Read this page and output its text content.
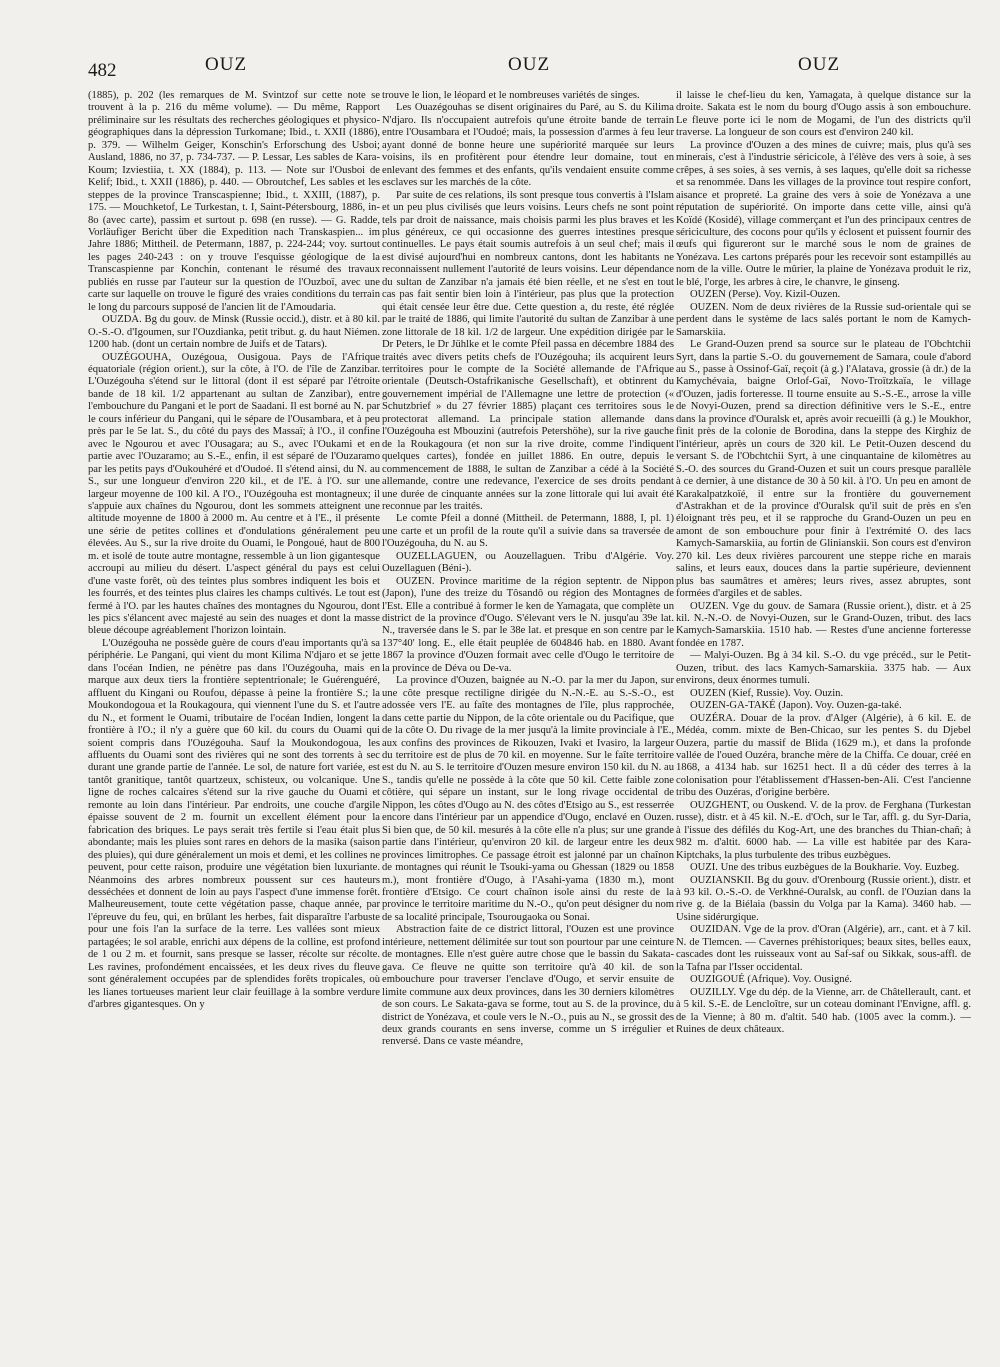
482	OUZ	OUZ	OUZ

(1885), p. 202 (les remarques de M. Svintzof sur cette note se trouvent à la p. 216 du même volume). — Du même, Rapport préliminaire sur les résultats des recherches géologiques et physico-géographiques dans la dépression Turkomane; Ibid., t. XXII (1886), p. 379. — Wilhelm Geiger, Konschin's Erforschung des Usboi; Ausland, 1886, no 37, p. 734-737. — P. Lessar, Les sables de Kara-Koum; Izviestiia, t. XX (1884), p. 113. — Note sur l'Ousboi de Kelif; Ibid., t. XXII (1886), p. 440. — Obroutchef, Les sables et les steppes de la province Transcaspienne; Ibid., t. XXIII, (1887), p. 175. — Mouchketof, Le Turkestan, t. I, Saint-Pétersbourg, 1886, in-8o (avec carte), passim et surtout p. 698 (en russe). — G. Radde, Vorläufiger Bericht über die Expedition nach Transkaspien... im Jahre 1886; Mittheil. de Petermann, 1887, p. 224-244; voy. surtout les pages 240-243 : on y trouve l'esquisse géologique de la Transcaspienne par Konchin, contenant le résumé des travaux publiés en russe par l'auteur sur la question de l'Ouzboï, avec une carte sur laquelle on trouve le figuré des vraies conditions du terrain le long du parcours supposé de l'ancien lit de l'Amoudaria.

OUZDA. Bg du gouv. de Minsk (Russie occid.), distr. et à 80 kil. O.-S.-O. d'Igoumen, sur l'Ouzdianka, petit tribut. g. du haut Niémen. 1200 hab. (dont un certain nombre de Juifs et de Tatars).

OUZÉGOUHA, Ouzégoua, Ousigoua. Pays de l'Afrique équatoriale (région orient.), sur la côte, à l'O. de l'île de Zanzibar. L'Ouzégouha s'étend sur le littoral (dont il est séparé par l'étroite bande de 18 kil. 1/2 appartenant au sultan de Zanzibar), entre l'embouchure du Pangani et le port de Saadani. Il est borné au N. par le cours inférieur du Pangani, qui le sépare de l'Ousambara, et à peu près par le 5e lat. S., du côté du pays des Massaï; à l'O., il confine avec le Ngourou et avec l'Ousagara; au S., avec l'Oukami et en partie avec l'Ouzaramo; au S.-E., enfin, il est séparé de l'Ouzaramo par les petits pays d'Oukouhéré et d'Oudoé. Il s'étend ainsi, du N. au S., sur une longueur d'environ 220 kil., et de l'E. à l'O. sur une largeur moyenne de 100 kil. A l'O., l'Ouzégouha est montagneux; il s'appuie aux chaînes du Ngourou, dont les sommets atteignent une altitude moyenne de 1800 à 2000 m. Au centre et à l'E., il présente une série de petites collines et d'ondulations généralement peu élevées. Au S., sur la rive droite du Ouami, le Pongoué, haut de 800 m. et isolé de toute autre montagne, ressemble à un lion gigantesque accroupi au milieu du désert. L'aspect général du pays est celui d'une vaste forêt, où des teintes plus sombres indiquent les bois et les fourrés, et des teintes plus claires les champs cultivés. Le tout est fermé à l'O. par les hautes chaînes des montagnes du Ngourou, dont les pics s'élancent avec majesté au sein des nuages et dont la masse bleue découpe agréablement l'horizon lointain.

L'Ouzégouha ne possède guère de cours d'eau importants qu'à sa périphérie. Le Pangani, qui vient du mont Kilima N'djaro et se jette dans l'océan Indien, ne pénètre pas dans l'Ouzégouha, mais en marque aux deux tiers la frontière septentrionale; le Guérenguéré, affluent du Kingani ou Roufou, dépasse à peine la frontière S.; la Moukondogoua et la Roukagoura, qui viennent l'une du S. et l'autre du N., et forment le Ouami, tributaire de l'océan Indien, longent la frontière à l'O.; il n'y a guère que 60 kil. du cours du Ouami qui soient compris dans l'Ouzégouha. Sauf la Moukondogoua, les affluents du Ouami sont des rivières qui ne sont des torrents à sec durant une grande partie de l'année. Le sol, de nature fort variée, est tantôt granitique, tantôt quartzeux, schisteux, ou volcanique. Une ligne de roches calcaires s'étend sur la rive gauche du Ouami et remonte au loin dans l'intérieur. Par endroits, une couche d'argile épaisse souvent de 2 m. fournit un excellent élément pour la fabrication des briques. Le pays serait très fertile si l'eau était plus abondante; mais les pluies sont rares en dehors de la masika (saison des pluies), qui dure généralement un mois et demi, et les collines ne peuvent, pour cette raison, produire une végétation bien luxuriante. Néanmoins des arbres nombreux poussent sur ces hauteurs desséchées et donnent de loin au pays l'aspect d'une immense forêt. Malheureusement, toute cette végétation passe, chaque année, par l'épreuve du feu, qui, en brûlant les herbes, fait disparaître l'arbuste pour une fois l'an la surface de la terre. Les vallées sont mieux partagées; le sol arable, enrichi aux dépens de la colline, est profond de 1 ou 2 m. et fournit, sans presque se lasser, récolte sur récolte. Les ravines, profondément encaissées, et les deux rives du fleuve sont généralement occupées par de splendides forêts tropicales, où les lianes tortueuses marient leur clair feuillage à la sombre verdure d'arbres gigantesques. On y

trouve le lion, le léopard et le nombreuses variétés de singes.

Les Ouazégouhas se disent originaires du Paré, au S. du Kilima N'djaro. Ils n'occupaient autrefois qu'une étroite bande de terrain entre l'Ousambara et l'Oudoé; mais, la possession d'armes à feu leur ayant donné de bonne heure une supériorité marquée sur leurs voisins, ils en profitèrent pour étendre leur domaine, tout en enlevant des femmes et des enfants, qu'ils vendaient ensuite comme esclaves sur les marchés de la côte.

Par suite de ces relations, ils sont presque tous convertis à l'Islam et un peu plus civilisés que leurs voisins. Leurs chefs ne sont point tels par droit de naissance, mais choisis parmi les plus braves et les plus généreux, ce qui occasionne des guerres intestines presque continuelles. Le pays était soumis autrefois à un seul chef; mais il est divisé aujourd'hui en nombreux cantons, dont les habitants ne reconnaissent nullement l'autorité de leurs voisins. Leur dépendance du sultan de Zanzibar n'a jamais été bien réelle, et ne s'est en tout cas pas fait sentir bien loin à l'intérieur, pas plus que la protection qui était censée leur être due. Cette question a, du reste, été réglée par le traité de 1886, qui limite l'autorité du sultan de Zanzibar à une zone littorale de 18 kil. 1/2 de largeur. Une expédition dirigée par le Dr Peters, le Dr Jühlke et le comte Pfeil passa en décembre 1884 des traités avec divers petits chefs de l'Ouzégouha; ils acquirent leurs territoires pour le compte de la Société allemande de l'Afrique orientale (Deutsch-Ostafrikanische Gesellschaft), et obtinrent du gouvernement impérial de l'Allemagne une lettre de protection (« Schutzbrief » du 27 février 1885) plaçant ces territoires sous le protectorat allemand. La principale station allemande dans l'Ouzégouha est Mbouzini (autrefois Petershöhe), sur la rive gauche de la Roukagoura (et non sur la rive droite, comme l'indiquent quelques cartes), fondée en juillet 1886. En outre, depuis le commencement de 1888, le sultan de Zanzibar a cédé à la Société allemande, contre une redevance, l'exercice de ses droits pendant une durée de cinquante années sur la zone littorale qui lui avait été reconnue par les traités.

Le comte Pfeil a donné (Mittheil. de Petermann, 1888, I, pl. 1) une carte et un profil de la route qu'il a suivie dans sa traversée de l'Ouzégouha, du N. au S.

OUZELLAGUEN, ou Aouzellaguen. Tribu d'Algérie. Voy. Ouzellaguen (Béni-).

OUZEN. Province maritime de la région septentr. de Nippon (Japon), l'une des treize du Tôsandô ou région des Montagnes de l'Est. Elle a contribué à former le ken de Yamagata, que complète un district de la province d'Ougo. S'élevant vers le N. jusqu'au 39e lat. N., traversée dans le S. par le 38e lat. et presque en son centre par le 137°40' long. E., elle était peuplée de 604846 hab. en 1880. Avant 1867 la province d'Ouzen formait avec celle d'Ougo le territoire de la province de Déva ou De-va.

La province d'Ouzen, baignée au N.-O. par la mer du Japon, sur une côte presque rectiligne dirigée du N.-N.-E. au S.-S.-O., est adossée vers l'E. au faîte des montagnes de l'île, plus rapprochée, dans cette partie du Nippon, de la côte orientale ou du Pacifique, que de la côte O. Du rivage de la mer jusqu'à la limite provinciale à l'E., aux confins des provinces de Rikouzen, Ivaki et Ivasiro, la largeur du territoire est de plus de 70 kil. en moyenne. Sur le faîte territoire est du N. au S. le territoire d'Ouzen mesure environ 150 kil. du N. au S., tandis qu'elle ne possède à la côte que 50 kil. Cette faible zone côtière, qui sépare un instant, sur le long rivage occidental de Nippon, les côtes d'Ougo au N. des côtes d'Etsigo au S., est resserrée encore dans l'intérieur par un appendice d'Ougo, enclavé en Ouzen. Si bien que, de 50 kil. mesurés à la côte elle n'a plus; sur une grande partie dans l'intérieur, qu'environ 20 kil. de largeur entre les deux provinces limitrophes. Ce passage étroit est jalonné par un chaînon de montagnes qui réunit le Tsouki-yama ou Ghessan (1829 ou 1858 m.), mont frontière d'Ougo, à l'Asahi-yama (1830 m.), mont frontière d'Etsigo. Ce court chaînon isole ainsi du reste de la province le territoire maritime du N.-O., qu'on peut désigner du nom de sa localité principale, Tsourougaoka ou Sonai.

Abstraction faite de ce district littoral, l'Ouzen est une province intérieure, nettement délimitée sur tout son pourtour par une ceinture de montagnes. Elle n'est guère autre chose que le bassin du Sakata-gava. Ce fleuve ne quitte son territoire qu'à 40 kil. de son embouchure pour traverser l'enclave d'Ougo, et servir ensuite de limite commune aux deux provinces, dans les 30 derniers kilomètres de son cours. Le Sakata-gava se forme, tout au S. de la province, du district de Yonézava, et coule vers le N.-O., puis au N., se grossit des deux grands courants en sens inverse, comme un S irrégulier et renversé. Dans ce vaste méandre,

il laisse le chef-lieu du ken, Yamagata, à quelque distance sur la droite. Sakata est le nom du bourg d'Ougo assis à son embouchure. Le fleuve porte ici le nom de Mogami, de l'un des districts qu'il traverse. La longueur de son cours est d'environ 240 kil.

La province d'Ouzen a des mines de cuivre; mais, plus qu'à ses minerais, c'est à l'industrie séricicole, à l'élève des vers à soie, à ses crêpes, à ses soies, à ses vernis, à ses laques, qu'elle doit sa richesse et sa renommée. Dans les villages de la province tout respire confort, aisance et propreté. La graine des vers à soie de Yonézava a une réputation de supériorité. On importe dans cette ville, ainsi qu'à Koïdé (Kosidé), village commerçant et l'un des principaux centres de sériciculture, des cocons pour qu'ils y éclosent et puissent fournir des œufs qui figureront sur le marché sous le nom de graines de Yonézava. Les cartons préparés pour les recevoir sont estampillés au nom de la ville. Outre le mûrier, la plaine de Yonézava produit le riz, le blé, l'orge, les arbres à cire, le chanvre, le ginseng.

OUZEN (Perse). Voy. Kizil-Ouzen.

OUZEN. Nom de deux rivières de la Russie sud-orientale qui se perdent dans le système de lacs salés portant le nom de Kamych-Samarskiia.

Le Grand-Ouzen prend sa source sur le plateau de l'Obchtchii Syrt, dans la partie S.-O. du gouvernement de Samara, coule d'abord au S., passe à Ossinof-Gaï, reçoit (à g.) l'Alatava, grossie (à dr.) de la Kamychévaia, baigne Orlof-Gaï, Novo-Troïtzkaïa, le village d'Ouzen, jadis forteresse. Il tourne ensuite au S.-S.-E., arrose la ville de Novyi-Ouzen, prend sa direction définitive vers le S.-E., entre dans la province d'Ouralsk et, après avoir recueilli (à g.) le Moukhor, finit près de la colonie de Borodina, dans la steppe des Kirghiz de l'intérieur, après un cours de 320 kil. Le Petit-Ouzen descend du versant S. de l'Obchtchii Syrt, à une cinquantaine de kilomètres au S.-O. des sources du Grand-Ouzen et suit un cours presque parallèle à ce dernier, à une distance de 30 à 50 kil. à l'O. Un peu en amont de Karakalpatzkoïé, il entre sur la frontière du gouvernement d'Astrakhan et de la province d'Ouralsk qu'il suit de près en s'en éloignant très peu, et il se rapproche du Grand-Ouzen un peu en amont de son embouchure pour finir à l'extrémité O. des lacs Kamych-Samarskiia, au fortin de Glinianskii. Son cours est d'environ 270 kil. Les deux rivières parcourent une steppe riche en marais salins, et leurs eaux, douces dans la partie supérieure, deviennent plus bas saumâtres et amères; leurs rives, assez abruptes, sont formées d'argiles et de sables.

OUZEN. Vge du gouv. de Samara (Russie orient.), distr. et à 25 kil. N.-N.-O. de Novyi-Ouzen, sur le Grand-Ouzen, tribut. des lacs Kamych-Samarskiia. 1510 hab. — Restes d'une ancienne forteresse fondée en 1787.

— Malyi-Ouzen. Bg à 34 kil. S.-O. du vge précéd., sur le Petit-Ouzen, tribut. des lacs Kamych-Samarskiia. 3375 hab. — Aux environs, deux énormes tumuli.

OUZEN (Kief, Russie). Voy. Ouzin.

OUZEN-GA-TAKÉ (Japon). Voy. Ouzen-ga-také.

OUZÉRA. Douar de la prov. d'Alger (Algérie), à 6 kil. E. de Médéa, comm. mixte de Ben-Chicao, sur les pentes S. du Djebel Ouzera, partie du massif de Blida (1629 m.), et dans la profonde vallée de l'oued Ouzéra, branche mère de la Chiffa. Ce douar, créé en 1868, a 4134 hab. sur 16251 hect. Il a dû céder des terres à la colonisation pour l'établissement d'Hassen-ben-Ali. C'est l'ancienne tribu des Ouzéras, d'origine berbère.

OUZGHENT, ou Ouskend. V. de la prov. de Ferghana (Turkestan russe), distr. et à 45 kil. N.-E. d'Och, sur le Tar, affl. g. du Syr-Daria, à l'issue des défilés du Kog-Art, une des branches du Thian-chañ; à 982 m. d'altit. 6000 hab. — La ville est habitée par des Kara-Kiptchaks, la plus turbulente des tribus euzbègues.

OUZI. Une des tribus euzbègues de la Boukharie. Voy. Euzbeg.

OUZIANSKII. Bg du gouv. d'Orenbourg (Russie orient.), distr. et à 93 kil. O.-S.-O. de Verkhné-Ouralsk, au confl. de l'Ouzian dans la rive g. de la Biélaia (bassin du Volga par la Kama). 3460 hab. — Usine sidérurgique.

OUZIDAN. Vge de la prov. d'Oran (Algérie), arr., cant. et à 7 kil. N. de Tlemcen. — Cavernes préhistoriques; beaux sites, belles eaux, cascades dont les ruisseaux vont au Saf-saf ou Sikkak, sous-affl. de la Tafna par l'Isser occidental.

OUZIGOUÉ (Afrique). Voy. Ousigné.

OUZILLY. Vge du dép. de la Vienne, arr. de Châtellerault, cant. et à 5 kil. S.-E. de Lencloître, sur un coteau dominant l'Envigne, affl. g. de la Vienne; à 80 m. d'altit. 540 hab. (1005 avec la comm.). — Ruines de deux châteaux.
